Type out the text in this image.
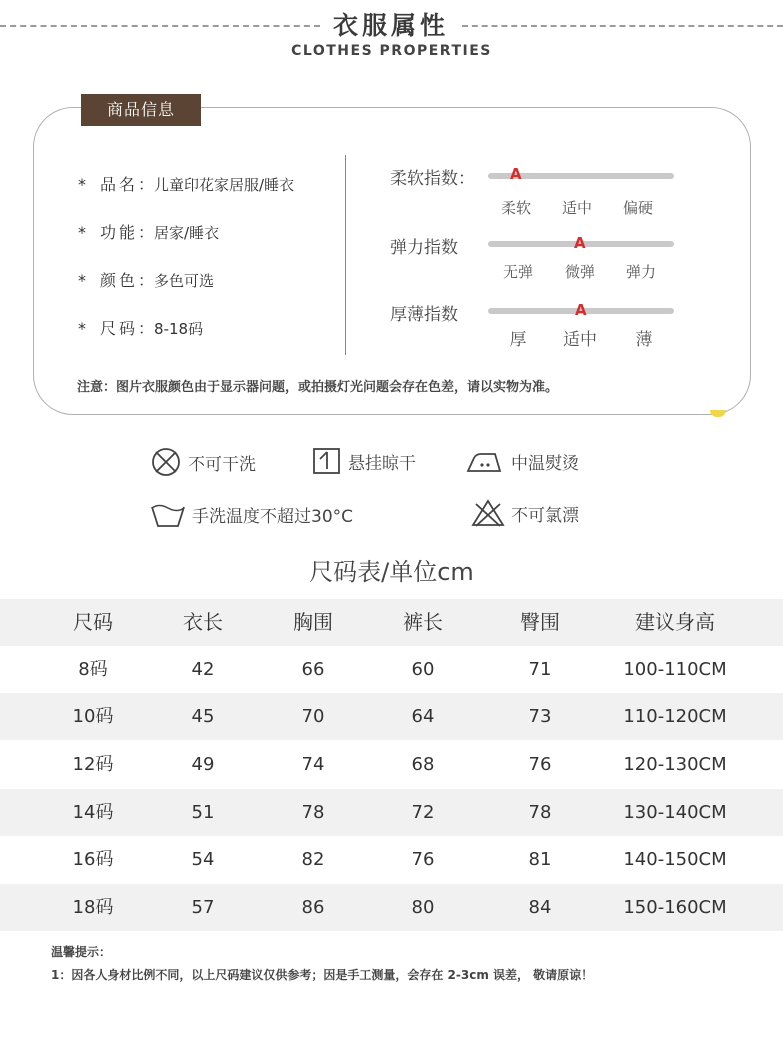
衣服属性
CLOTHES PROPERTIES
商品信息
* 品名：儿童印花家居服/睡衣
* 功能：居家/睡衣
* 颜色：多色可选
* 尺码：8-18码
柔软指数： A
柔软	适中	偏硬
弹力指数	A
无弹	微弹	弹力
厚薄指数	A
厚	适中	薄
注意：图片衣服颜色由于显示器问题，或拍摄灯光问题会存在色差，请以实物为准。
不可干洗	悬挂晾干	中温熨烫
手洗温度不超过30°C	不可氯漂
尺码表/单位cm
尺码	衣长	胸围	裤长	臀围	建议身高
8码	42	66	60	71	100-110CM
10码	45	70	64	73	110-120CM
12码	49	74	68	76	120-130CM
14码	51	78	72	78	130-140CM
16码	54	82	76	81	140-150CM
18码	57	86	80	84	150-160CM
温馨提示：
1：因各人身材比例不同，以上尺码建议仅供参考；因是手工测量，会存在 2-3cm 误差， 敬请原谅！
